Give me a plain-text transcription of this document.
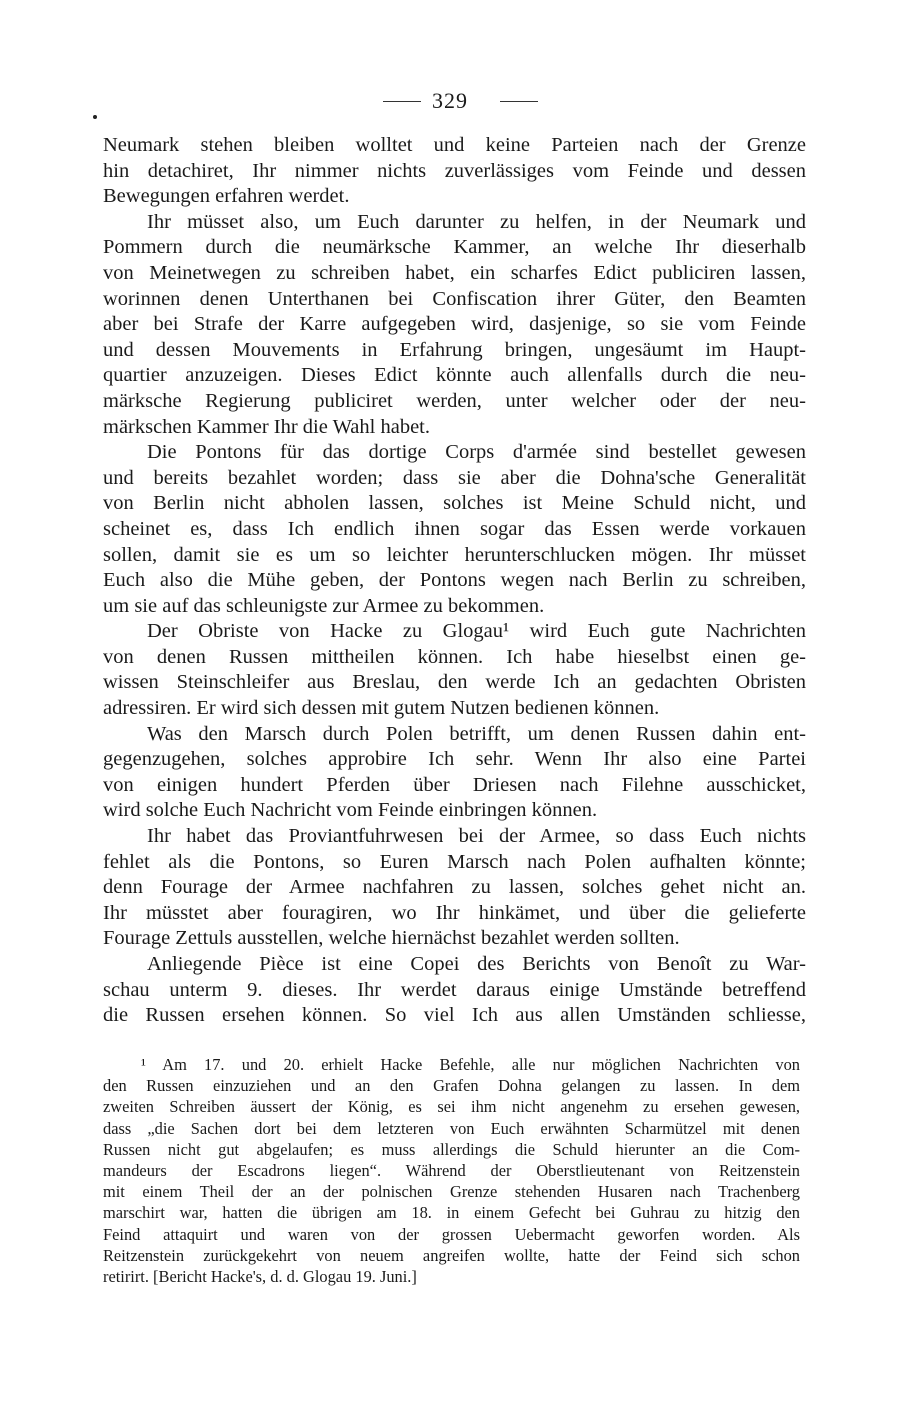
329
Neumark stehen bleiben wolltet und keine Parteien nach der Grenze
hin detachiret, Ihr nimmer nichts zuverlässiges vom Feinde und dessen
Bewegungen erfahren werdet.
Ihr müsset also, um Euch darunter zu helfen, in der Neumark und
Pommern durch die neumärksche Kammer, an welche Ihr dieserhalb
von Meinetwegen zu schreiben habet, ein scharfes Edict publiciren lassen,
worinnen denen Unterthanen bei Confiscation ihrer Güter, den Beamten
aber bei Strafe der Karre aufgegeben wird, dasjenige, so sie vom Feinde
und dessen Mouvements in Erfahrung bringen, ungesäumt im Haupt-
quartier anzuzeigen. Dieses Edict könnte auch allenfalls durch die neu-
märksche Regierung publiciret werden, unter welcher oder der neu-
märkschen Kammer Ihr die Wahl habet.
Die Pontons für das dortige Corps d'armée sind bestellet gewesen
und bereits bezahlet worden; dass sie aber die Dohna'sche Generalität
von Berlin nicht abholen lassen, solches ist Meine Schuld nicht, und
scheinet es, dass Ich endlich ihnen sogar das Essen werde vorkauen
sollen, damit sie es um so leichter herunterschlucken mögen. Ihr müsset
Euch also die Mühe geben, der Pontons wegen nach Berlin zu schreiben,
um sie auf das schleunigste zur Armee zu bekommen.
Der Obriste von Hacke zu Glogau¹ wird Euch gute Nachrichten
von denen Russen mittheilen können. Ich habe hieselbst einen ge-
wissen Steinschleifer aus Breslau, den werde Ich an gedachten Obristen
adressiren. Er wird sich dessen mit gutem Nutzen bedienen können.
Was den Marsch durch Polen betrifft, um denen Russen dahin ent-
gegenzugehen, solches approbire Ich sehr. Wenn Ihr also eine Partei
von einigen hundert Pferden über Driesen nach Filehne ausschicket,
wird solche Euch Nachricht vom Feinde einbringen können.
Ihr habet das Proviantfuhrwesen bei der Armee, so dass Euch nichts
fehlet als die Pontons, so Euren Marsch nach Polen aufhalten könnte;
denn Fourage der Armee nachfahren zu lassen, solches gehet nicht an.
Ihr müsstet aber fouragiren, wo Ihr hinkämet, und über die gelieferte
Fourage Zettuls ausstellen, welche hiernächst bezahlet werden sollten.
Anliegende Pièce ist eine Copei des Berichts von Benoît zu War-
schau unterm 9. dieses. Ihr werdet daraus einige Umstände betreffend
die Russen ersehen können. So viel Ich aus allen Umständen schliesse,
¹ Am 17. und 20. erhielt Hacke Befehle, alle nur möglichen Nachrichten von
den Russen einzuziehen und an den Grafen Dohna gelangen zu lassen. In dem
zweiten Schreiben äussert der König, es sei ihm nicht angenehm zu ersehen gewesen,
dass „die Sachen dort bei dem letzteren von Euch erwähnten Scharmützel mit denen
Russen nicht gut abgelaufen; es muss allerdings die Schuld hierunter an die Com-
mandeurs der Escadrons liegen“. Während der Oberstlieutenant von Reitzenstein
mit einem Theil der an der polnischen Grenze stehenden Husaren nach Trachenberg
marschirt war, hatten die übrigen am 18. in einem Gefecht bei Guhrau zu hitzig den
Feind attaquirt und waren von der grossen Uebermacht geworfen worden. Als
Reitzenstein zurückgekehrt von neuem angreifen wollte, hatte der Feind sich schon
retirirt. [Bericht Hacke's, d. d. Glogau 19. Juni.]
